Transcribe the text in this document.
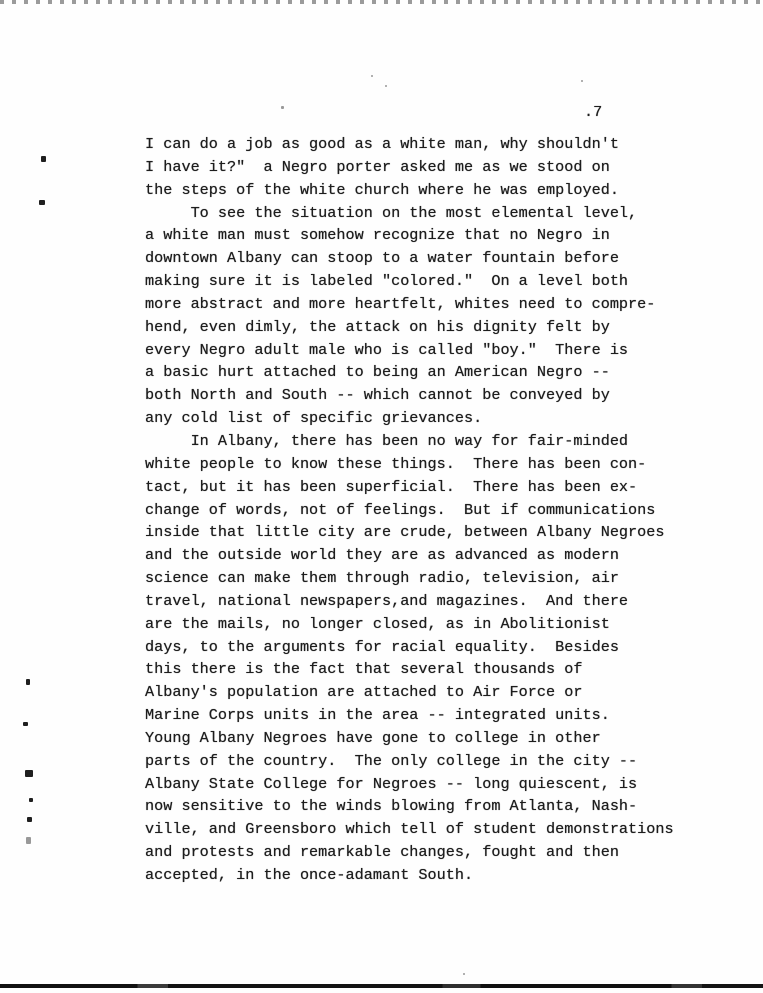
.7
I can do a job as good as a white man, why shouldn't
I have it?"  a Negro porter asked me as we stood on
the steps of the white church where he was employed.
To see the situation on the most elemental level,
a white man must somehow recognize that no Negro in
downtown Albany can stoop to a water fountain before
making sure it is labeled "colored."  On a level both
more abstract and more heartfelt, whites need to compre-
hend, even dimly, the attack on his dignity felt by
every Negro adult male who is called "boy."  There is
a basic hurt attached to being an American Negro --
both North and South -- which cannot be conveyed by
any cold list of specific grievances.
In Albany, there has been no way for fair-minded
white people to know these things.  There has been con-
tact, but it has been superficial.  There has been ex-
change of words, not of feelings.  But if communications
inside that little city are crude, between Albany Negroes
and the outside world they are as advanced as modern
science can make them through radio, television, air
travel, national newspapers,and magazines.  And there
are the mails, no longer closed, as in Abolitionist
days, to the arguments for racial equality.  Besides
this there is the fact that several thousands of
Albany's population are attached to Air Force or
Marine Corps units in the area -- integrated units.
Young Albany Negroes have gone to college in other
parts of the country.  The only college in the city --
Albany State College for Negroes -- long quiescent, is
now sensitive to the winds blowing from Atlanta, Nash-
ville, and Greensboro which tell of student demonstrations
and protests and remarkable changes, fought and then
accepted, in the once-adamant South.
